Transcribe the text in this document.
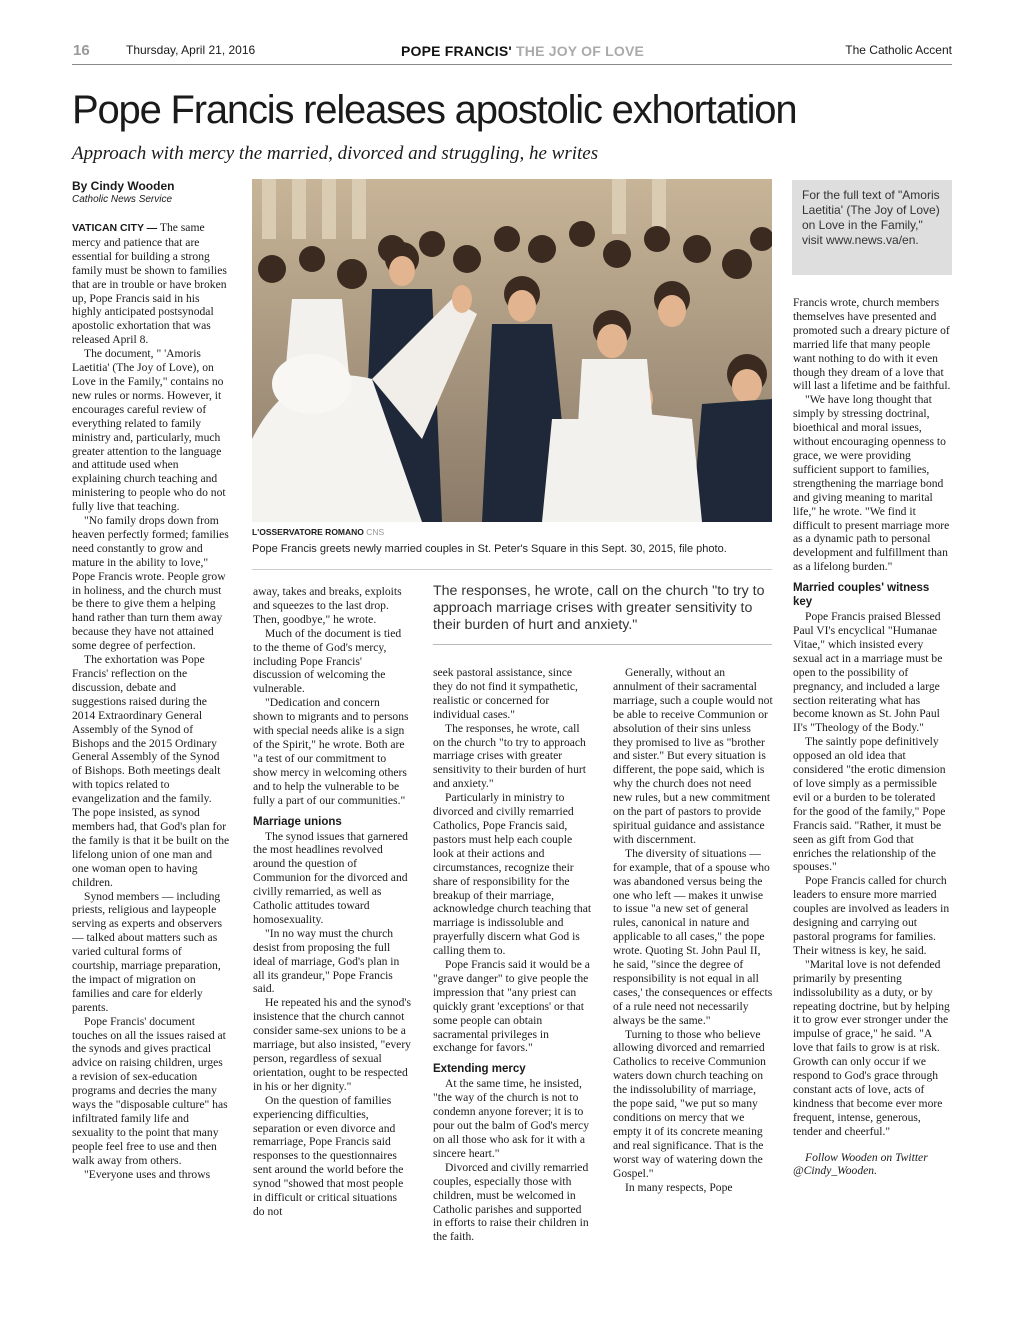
16	Thursday, April 21, 2016	POPE FRANCIS' THE JOY OF LOVE	The Catholic Accent
Pope Francis releases apostolic exhortation
Approach with mercy the married, divorced and struggling, he writes
By Cindy Wooden
Catholic News Service

VATICAN CITY — The same mercy and patience that are essential for building a strong family must be shown to families that are in trouble or have broken up, Pope Francis said in his highly anticipated postsynodal apostolic exhortation that was released April 8.

The document, " 'Amoris Laetitia' (The Joy of Love), on Love in the Family," contains no new rules or norms. However, it encourages careful review of everything related to family ministry and, particularly, much greater attention to the language and attitude used when explaining church teaching and ministering to people who do not fully live that teaching.

"No family drops down from heaven perfectly formed; families need constantly to grow and mature in the ability to love," Pope Francis wrote. People grow in holiness, and the church must be there to give them a helping hand rather than turn them away because they have not attained some degree of perfection.

The exhortation was Pope Francis' reflection on the discussion, debate and suggestions raised during the 2014 Extraordinary General Assembly of the Synod of Bishops and the 2015 Ordinary General Assembly of the Synod of Bishops. Both meetings dealt with topics related to evangelization and the family. The pope insisted, as synod members had, that God's plan for the family is that it be built on the lifelong union of one man and one woman open to having children.

Synod members — including priests, religious and laypeople serving as experts and observers — talked about matters such as varied cultural forms of courtship, marriage preparation, the impact of migration on families and care for elderly parents.

Pope Francis' document touches on all the issues raised at the synods and gives practical advice on raising children, urges a revision of sex-education programs and decries the many ways the "disposable culture" has infiltrated family life and sexuality to the point that many people feel free to use and then walk away from others.

"Everyone uses and throws

L'OSSERVATORE ROMANO CNS
Pope Francis greets newly married couples in St. Peter's Square in this Sept. 30, 2015, file photo.

away, takes and breaks, exploits and squeezes to the last drop. Then, goodbye," he wrote.

Much of the document is tied to the theme of God's mercy, including Pope Francis' discussion of welcoming the vulnerable.

"Dedication and concern shown to migrants and to persons with special needs alike is a sign of the Spirit," he wrote. Both are "a test of our commitment to show mercy in welcoming others and to help the vulnerable to be fully a part of our communities."

Marriage unions

The synod issues that garnered the most headlines revolved around the question of Communion for the divorced and civilly remarried, as well as Catholic attitudes toward homosexuality.

"In no way must the church desist from proposing the full ideal of marriage, God's plan in all its grandeur," Pope Francis said.

He repeated his and the synod's insistence that the church cannot consider same-sex unions to be a marriage, but also insisted, "every person, regardless of sexual orientation, ought to be respected in his or her dignity."

On the question of families experiencing difficulties, separation or even divorce and remarriage, Pope Francis said responses to the questionnaires sent around the world before the synod "showed that most people in difficult or critical situations do not

The responses, he wrote, call on the church "to try to approach marriage crises with greater sensitivity to their burden of hurt and anxiety."

seek pastoral assistance, since they do not find it sympathetic, realistic or concerned for individual cases."

The responses, he wrote, call on the church "to try to approach marriage crises with greater sensitivity to their burden of hurt and anxiety."

Particularly in ministry to divorced and civilly remarried Catholics, Pope Francis said, pastors must help each couple look at their actions and circumstances, recognize their share of responsibility for the breakup of their marriage, acknowledge church teaching that marriage is indissoluble and prayerfully discern what God is calling them to.

Pope Francis said it would be a "grave danger" to give people the impression that "any priest can quickly grant 'exceptions' or that some people can obtain sacramental privileges in exchange for favors."

Extending mercy

At the same time, he insisted, "the way of the church is not to condemn anyone forever; it is to pour out the balm of God's mercy on all those who ask for it with a sincere heart."

Divorced and civilly remarried couples, especially those with children, must be welcomed in Catholic parishes and supported in efforts to raise their children in the faith.

Generally, without an annulment of their sacramental marriage, such a couple would not be able to receive Communion or absolution of their sins unless they promised to live as "brother and sister." But every situation is different, the pope said, which is why the church does not need new rules, but a new commitment on the part of pastors to provide spiritual guidance and assistance with discernment.

The diversity of situations — for example, that of a spouse who was abandoned versus being the one who left — makes it unwise to issue "a new set of general rules, canonical in nature and applicable to all cases," the pope wrote. Quoting St. John Paul II, he said, "since the degree of responsibility is not equal in all cases,' the consequences or effects of a rule need not necessarily always be the same."

Turning to those who believe allowing divorced and remarried Catholics to receive Communion waters down church teaching on the indissolubility of marriage, the pope said, "we put so many conditions on mercy that we empty it of its concrete meaning and real significance. That is the worst way of watering down the Gospel."

In many respects, Pope

For the full text of "Amoris Laetitia' (The Joy of Love) on Love in the Family," visit www.news.va/en.

Francis wrote, church members themselves have presented and promoted such a dreary picture of married life that many people want nothing to do with it even though they dream of a love that will last a lifetime and be faithful.

"We have long thought that simply by stressing doctrinal, bioethical and moral issues, without encouraging openness to grace, we were providing sufficient support to families, strengthening the marriage bond and giving meaning to marital life," he wrote. "We find it difficult to present marriage more as a dynamic path to personal development and fulfillment than as a lifelong burden."

Married couples' witness key

Pope Francis praised Blessed Paul VI's encyclical "Humanae Vitae," which insisted every sexual act in a marriage must be open to the possibility of pregnancy, and included a large section reiterating what has become known as St. John Paul II's "Theology of the Body."

The saintly pope definitively opposed an old idea that considered "the erotic dimension of love simply as a permissible evil or a burden to be tolerated for the good of the family," Pope Francis said. "Rather, it must be seen as gift from God that enriches the relationship of the spouses."

Pope Francis called for church leaders to ensure more married couples are involved as leaders in designing and carrying out pastoral programs for families. Their witness is key, he said.

"Marital love is not defended primarily by presenting indissolubility as a duty, or by repeating doctrine, but by helping it to grow ever stronger under the impulse of grace," he said. "A love that fails to grow is at risk. Growth can only occur if we respond to God's grace through constant acts of love, acts of kindness that become ever more frequent, intense, generous, tender and cheerful."

Follow Wooden on Twitter
@Cindy_Wooden.
